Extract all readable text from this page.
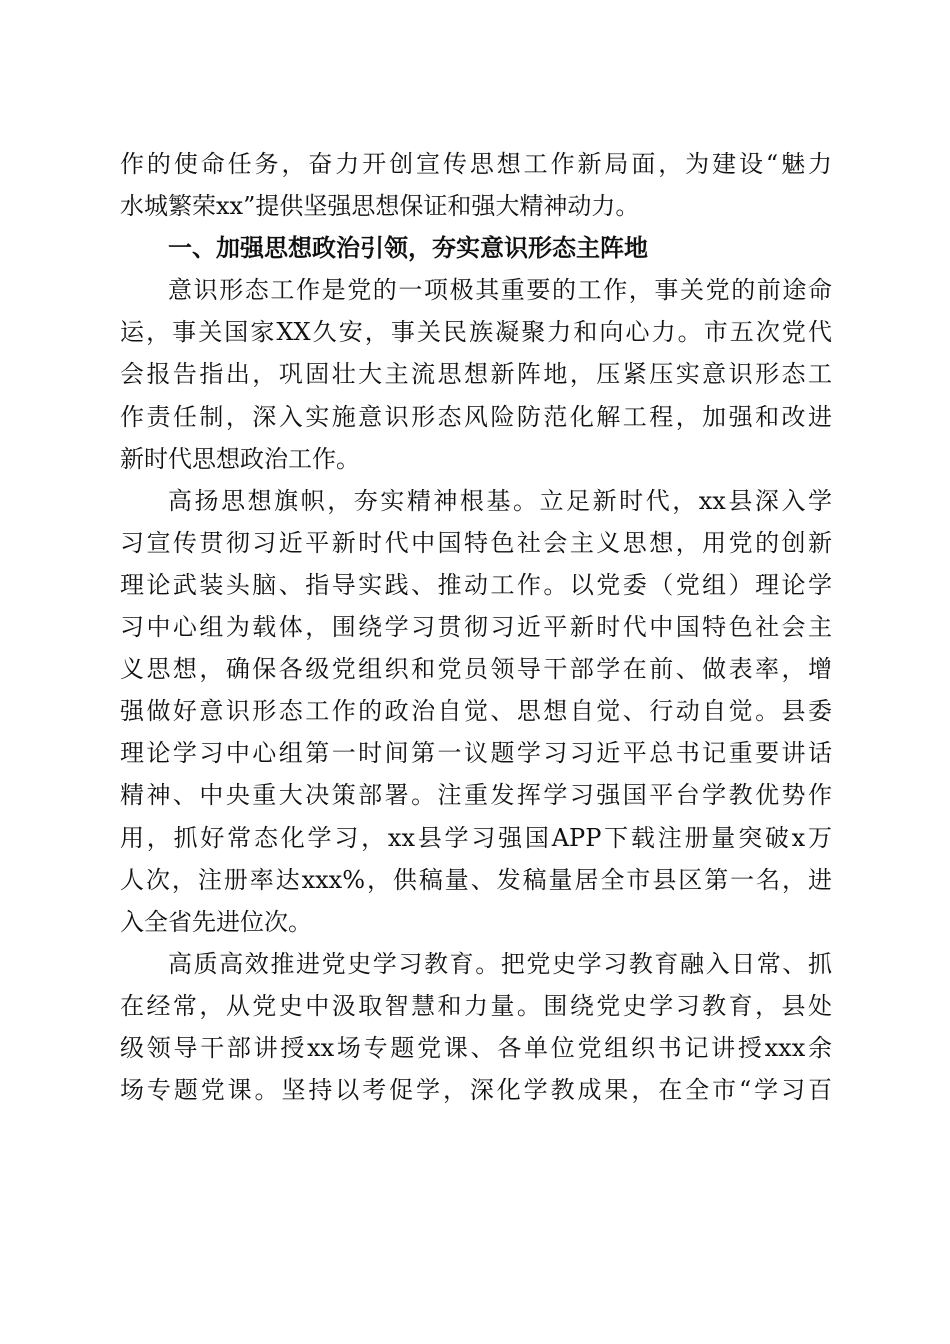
作的使命任务，奋力开创宣传思想工作新局面，为建设“魅力
水城繁荣xx”提供坚强思想保证和强大精神动力。
一、加强思想政治引领，夯实意识形态主阵地
意识形态工作是党的一项极其重要的工作，事关党的前途命
运，事关国家XX久安，事关民族凝聚力和向心力。市五次党代
会报告指出，巩固壮大主流思想新阵地，压紧压实意识形态工
作责任制，深入实施意识形态风险防范化解工程，加强和改进
新时代思想政治工作。
高扬思想旗帜，夯实精神根基。立足新时代，xx县深入学
习宣传贯彻习近平新时代中国特色社会主义思想，用党的创新
理论武装头脑、指导实践、推动工作。以党委（党组）理论学
习中心组为载体，围绕学习贯彻习近平新时代中国特色社会主
义思想，确保各级党组织和党员领导干部学在前、做表率，增
强做好意识形态工作的政治自觉、思想自觉、行动自觉。县委
理论学习中心组第一时间第一议题学习习近平总书记重要讲话
精神、中央重大决策部署。注重发挥学习强国平台学教优势作
用，抓好常态化学习，xx县学习强国APP下载注册量突破x万
人次，注册率达xxx%，供稿量、发稿量居全市县区第一名，进
入全省先进位次。
高质高效推进党史学习教育。把党史学习教育融入日常、抓
在经常，从党史中汲取智慧和力量。围绕党史学习教育，县处
级领导干部讲授xx场专题党课、各单位党组织书记讲授xxx余
场专题党课。坚持以考促学，深化学教成果，在全市“学习百
